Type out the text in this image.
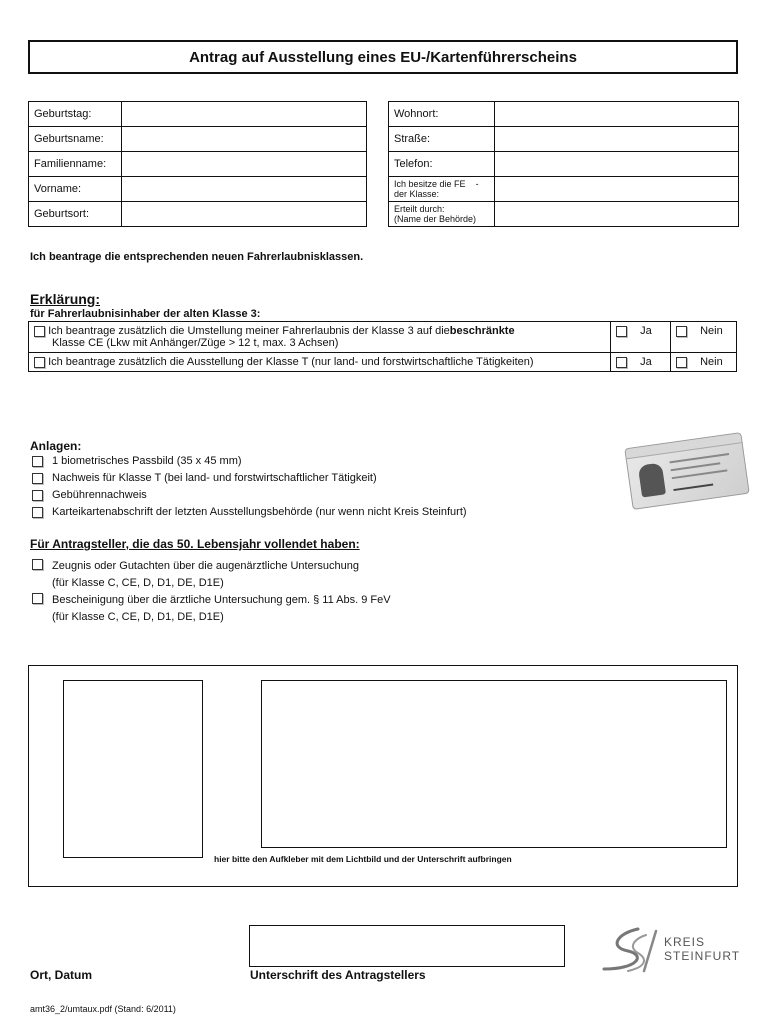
Antrag auf Ausstellung eines EU-/Kartenführerscheins
Geburtstag:	
Geburtsname:	
Familienname:	
Vorname:	
Geburtsort:	
Wohnort:	
Straße:	
Telefon:	
Ich besitze die FE -
der Klasse:	
Erteilt durch:
(Name der Behörde)	
Ich beantrage die entsprechenden neuen Fahrerlaubnisklassen.
Erklärung:
für Fahrerlaubnisinhaber der alten Klasse 3:
Ich beantrage zusätzlich die Umstellung meiner Fahrerlaubnis der Klasse 3 auf diebeschränkte
Klasse CE (Lkw mit Anhänger/Züge > 12 t, max. 3 Achsen)	Ja	Nein
Ich beantrage zusätzlich die Ausstellung der Klasse T (nur land- und forstwirtschaftliche Tätigkeiten)	Ja	Nein
Anlagen:
1 biometrisches Passbild (35 x 45 mm)
Nachweis für Klasse T (bei land- und forstwirtschaftlicher Tätigkeit)
Gebührennachweis
Karteikartenabschrift der letzten Ausstellungsbehörde (nur wenn nicht Kreis Steinfurt)
Für Antragsteller, die das 50. Lebensjahr vollendet haben:
Zeugnis oder Gutachten über die augenärztliche Untersuchung
(für Klasse C, CE, D, D1, DE, D1E)
Bescheinigung über die ärztliche Untersuchung gem. § 11 Abs. 9 FeV
(für Klasse C, CE, D, D1, DE, D1E)
hier bitte den Aufkleber mit dem Lichtbild und der Unterschrift aufbringen
Ort, Datum	Unterschrift des Antragstellers
KREIS
STEINFURT
amt36_2/umtaux.pdf (Stand: 6/2011)
